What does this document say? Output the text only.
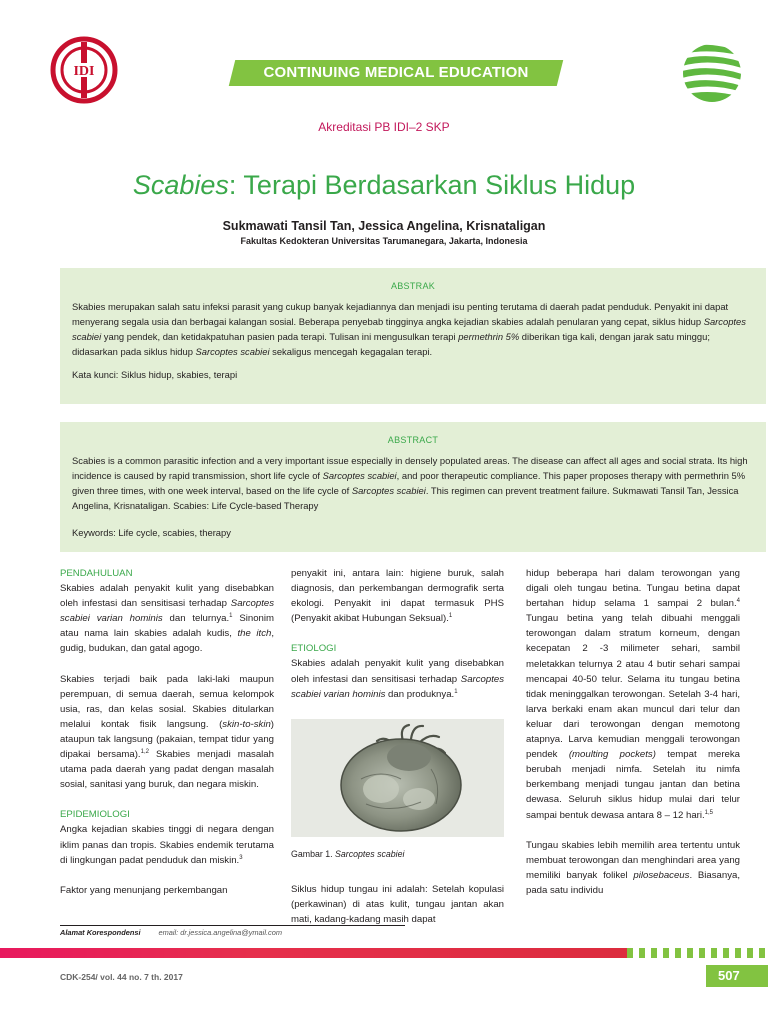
IDI	CONTINUING MEDICAL EDUCATION
Akreditasi PB IDI–2 SKP
Scabies: Terapi Berdasarkan Siklus Hidup
Sukmawati Tansil Tan, Jessica Angelina, Krisnataligan
Fakultas Kedokteran Universitas Tarumanegara, Jakarta, Indonesia
ABSTRAK
Skabies merupakan salah satu infeksi parasit yang cukup banyak kejadiannya dan menjadi isu penting terutama di daerah padat penduduk. Penyakit ini dapat menyerang segala usia dan berbagai kalangan sosial. Beberapa penyebab tingginya angka kejadian skabies adalah penularan yang cepat, siklus hidup Sarcoptes scabiei yang pendek, dan ketidakpatuhan pasien pada terapi. Tulisan ini mengusulkan terapi permethrin 5% diberikan tiga kali, dengan jarak satu minggu; didasarkan pada siklus hidup Sarcoptes scabiei sekaligus mencegah kegagalan terapi.
Kata kunci: Siklus hidup, skabies, terapi
ABSTRACT
Scabies is a common parasitic infection and a very important issue especially in densely populated areas. The disease can affect all ages and social strata. Its high incidence is caused by rapid transmission, short life cycle of Sarcoptes scabiei, and poor therapeutic compliance. This paper proposes therapy with permethrin 5% given three times, with one week interval, based on the life cycle of Sarcoptes scabiei. This regimen can prevent treatment failure. Sukmawati Tansil Tan, Jessica Angelina, Krisnataligan. Scabies: Life Cycle-based Therapy
Keywords: Life cycle, scabies, therapy
PENDAHULUAN

Skabies adalah penyakit kulit yang disebabkan oleh infestasi dan sensitisasi terhadap Sarcoptes scabiei varian hominis dan telurnya.$^1$ Sinonim atau nama lain skabies adalah kudis, the itch, gudig, budukan, dan gatal agogo.

Skabies terjadi baik pada laki-laki maupun perempuan, di semua daerah, semua kelompok usia, ras, dan kelas sosial. Skabies ditularkan melalui kontak fisik langsung. (skin-to-skin) ataupun tak langsung (pakaian, tempat tidur yang dipakai bersama).$^{1,2}$ Skabies menjadi masalah utama pada daerah yang padat dengan masalah sosial, sanitasi yang buruk, dan negara miskin.

EPIDEMIOLOGI

Angka kejadian skabies tinggi di negara dengan iklim panas dan tropis. Skabies endemik terutama di lingkungan padat penduduk dan miskin.$^3$

Faktor yang menunjang perkembangan

penyakit ini, antara lain: higiene buruk, salah diagnosis, dan perkembangan dermografik serta ekologi. Penyakit ini dapat termasuk PHS (Penyakit akibat Hubungan Seksual).$^1$

ETIOLOGI

Skabies adalah penyakit kulit yang disebabkan oleh infestasi dan sensitisasi terhadap Sarcoptes scabiei varian hominis dan produknya.$^1$

Gambar 1. Sarcoptes scabiei

Siklus hidup tungau ini adalah: Setelah kopulasi (perkawinan) di atas kulit, tungau jantan akan mati, kadang-kadang masih dapat

hidup beberapa hari dalam terowongan yang digali oleh tungau betina. Tungau betina dapat bertahan hidup selama 1 sampai 2 bulan.$^4$ Tungau betina yang telah dibuahi menggali terowongan dalam stratum korneum, dengan kecepatan 2 -3 milimeter sehari, sambil meletakkan telurnya 2 atau 4 butir sehari sampai mencapai 40-50 telur. Selama itu tungau betina tidak meninggalkan terowongan. Setelah 3-4 hari, larva berkaki enam akan muncul dari telur dan keluar dari terowongan dengan memotong atapnya. Larva kemudian menggali terowongan pendek (moulting pockets) tempat mereka berubah menjadi nimfa. Setelah itu nimfa berkembang menjadi tungau jantan dan betina dewasa. Seluruh siklus hidup mulai dari telur sampai bentuk dewasa antara 8 – 12 hari.$^{1,5}$

Tungau skabies lebih memilih area tertentu untuk membuat terowongan dan menghindari area yang memiliki banyak folikel pilosebaceus. Biasanya, pada satu individu

Alamat Korespondensi email: dr.jessica.angelina@ymail.com
CDK-254/ vol. 44 no. 7 th. 2017	507
